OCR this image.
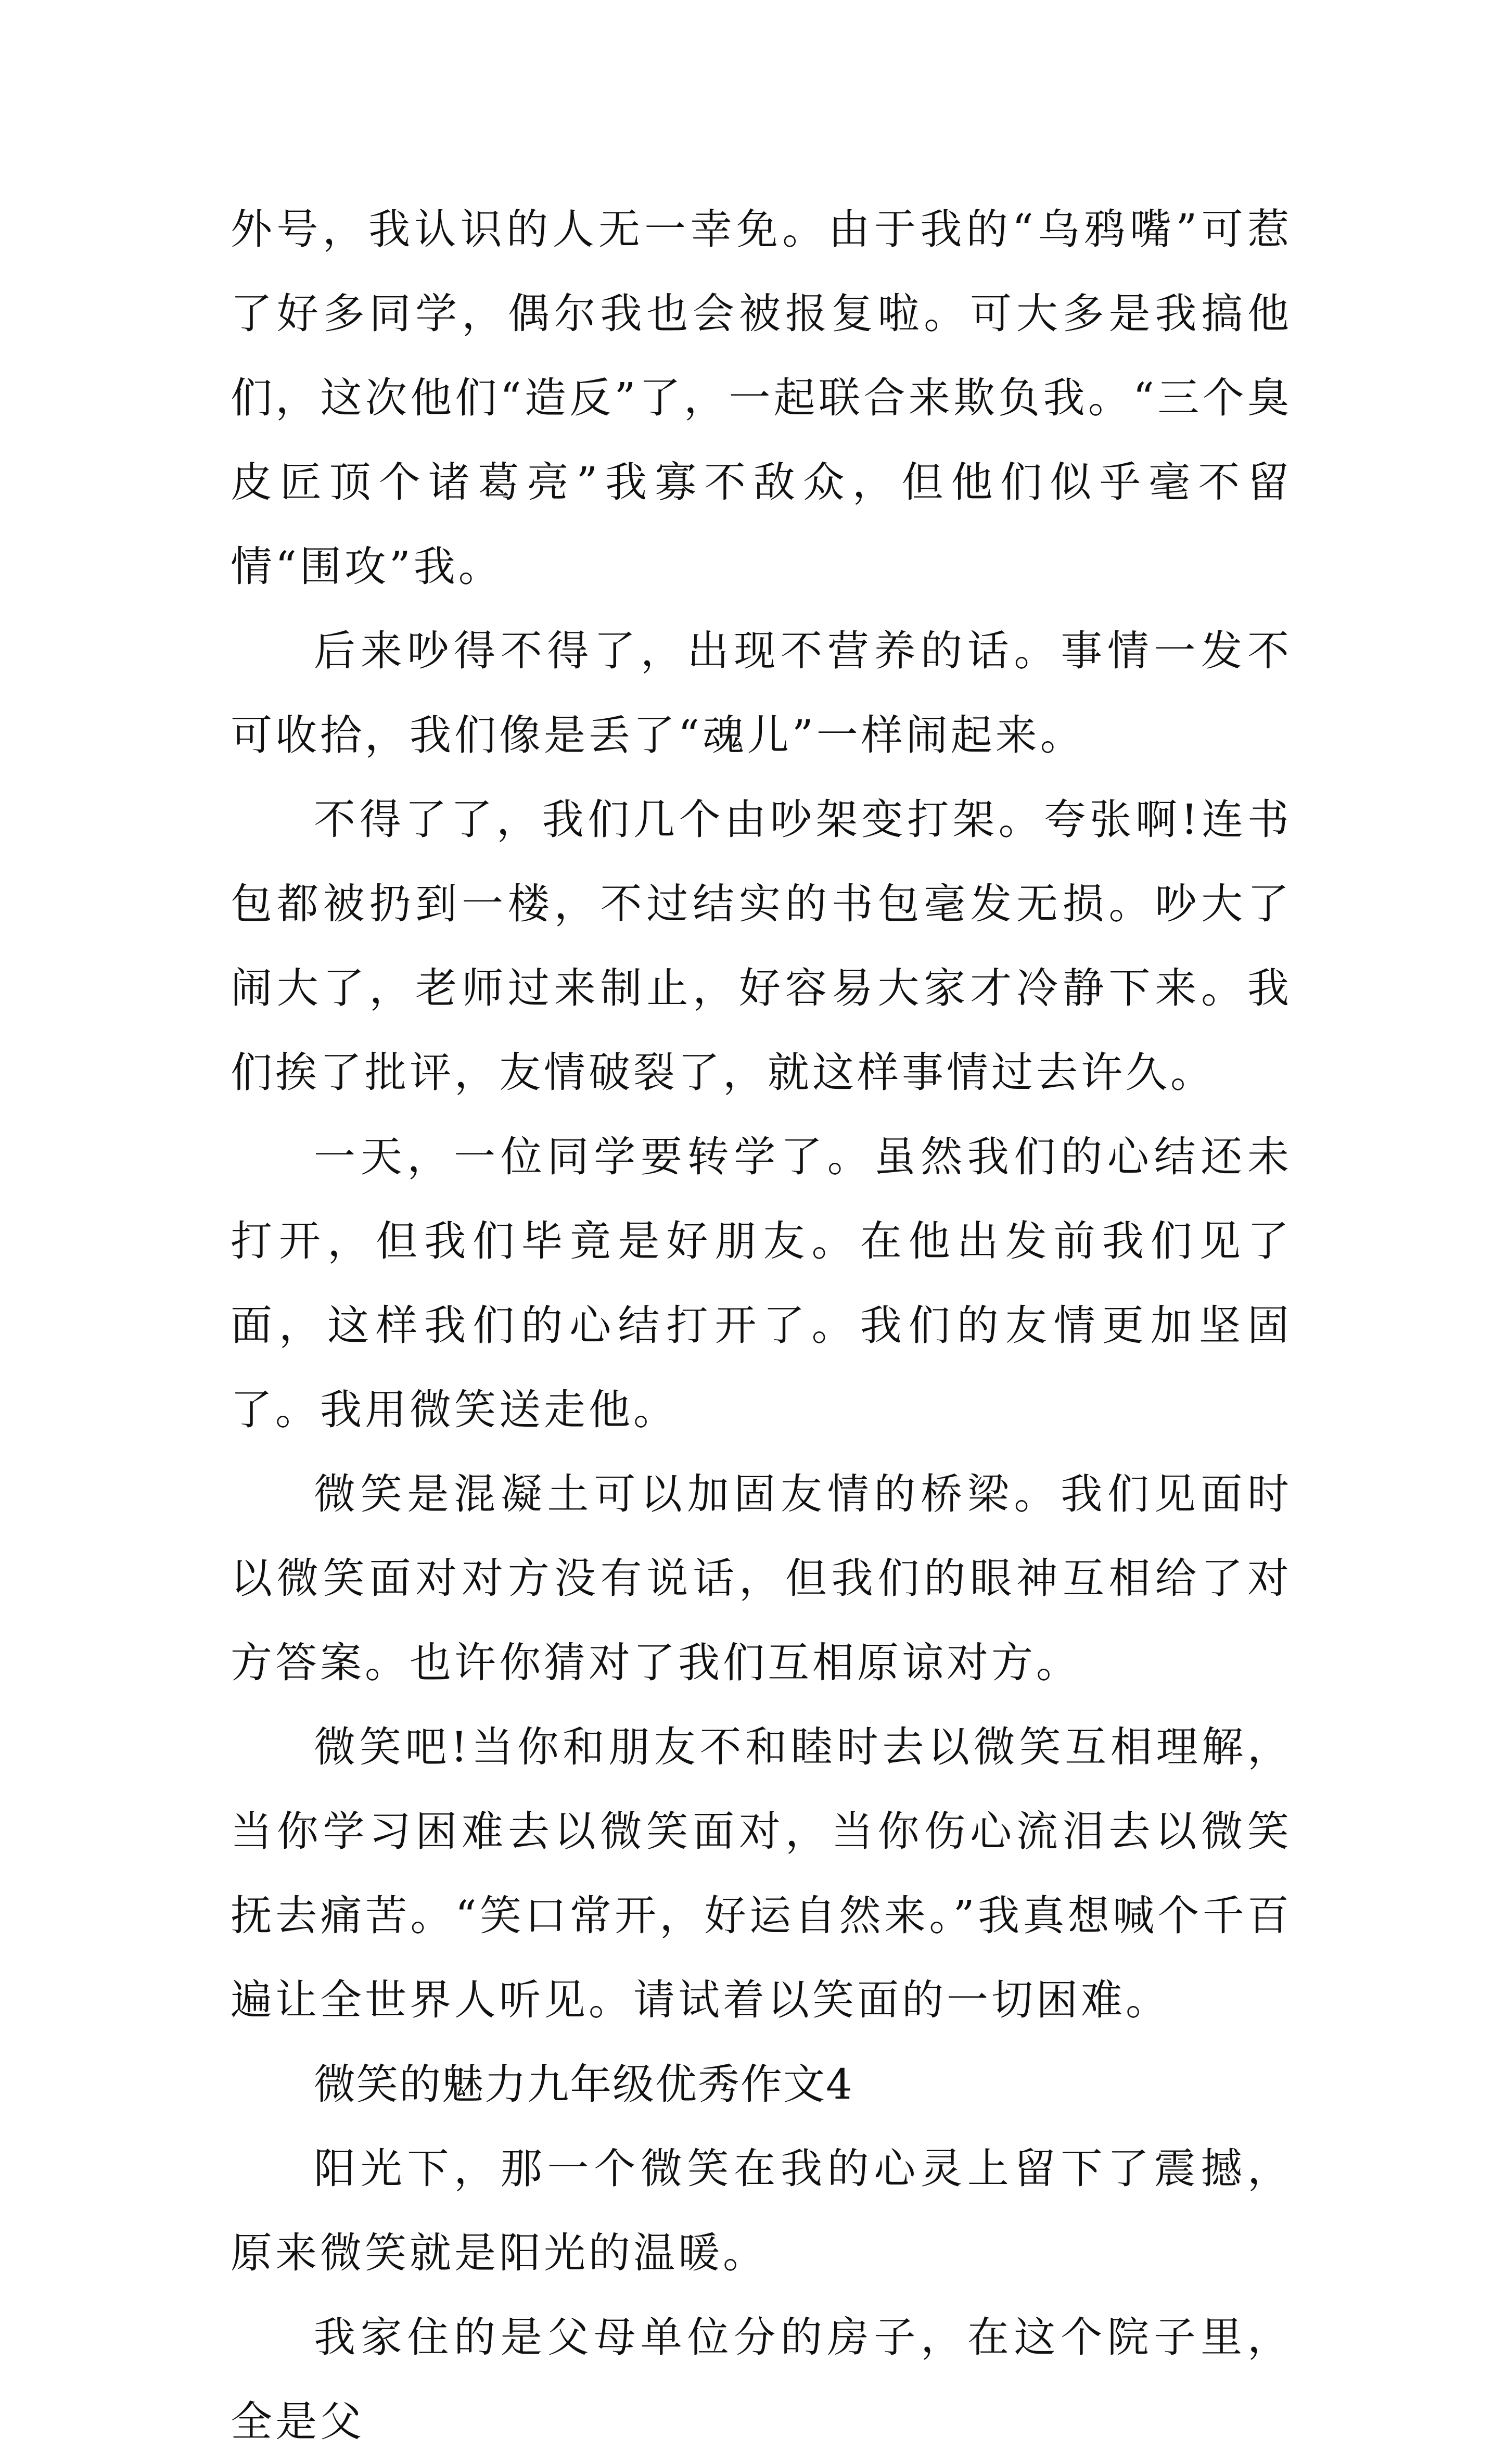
外号，我认识的人无一幸免。由于我的“乌鸦嘴”可惹了好多同学，偶尔我也会被报复啦。可大多是我搞他们，这次他们“造反”了，一起联合来欺负我。“三个臭皮匠顶个诸葛亮”我寡不敌众，但他们似乎毫不留情“围攻”我。

后来吵得不得了，出现不营养的话。事情一发不可收拾，我们像是丢了“魂儿”一样闹起来。

不得了了，我们几个由吵架变打架。夸张啊!连书包都被扔到一楼，不过结实的书包毫发无损。吵大了闹大了，老师过来制止，好容易大家才冷静下来。我们挨了批评，友情破裂了，就这样事情过去许久。

一天，一位同学要转学了。虽然我们的心结还未打开，但我们毕竟是好朋友。在他出发前我们见了面，这样我们的心结打开了。我们的友情更加坚固了。我用微笑送走他。

微笑是混凝土可以加固友情的桥梁。我们见面时以微笑面对对方没有说话，但我们的眼神互相给了对方答案。也许你猜对了我们互相原谅对方。

微笑吧!当你和朋友不和睦时去以微笑互相理解，当你学习困难去以微笑面对，当你伤心流泪去以微笑抚去痛苦。“笑口常开，好运自然来。”我真想喊个千百遍让全世界人听见。请试着以笑面的一切困难。

微笑的魅力九年级优秀作文4

阳光下，那一个微笑在我的心灵上留下了震撼，原来微笑就是阳光的温暖。

我家住的是父母单位分的房子，在这个院子里，全是父
